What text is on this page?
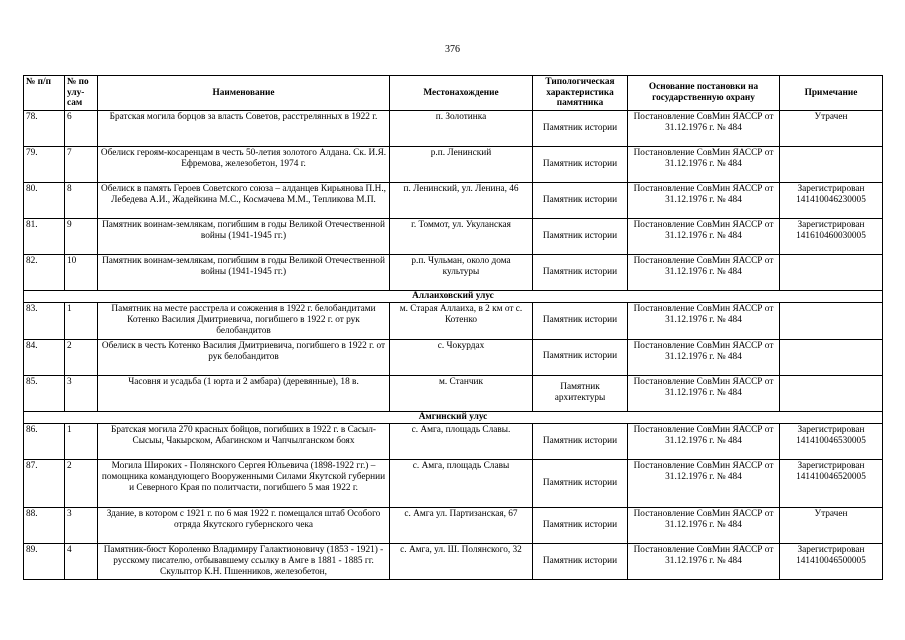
376
№ п/п	№ по улу-сам	Наименование	Местонахождение	Типологическая характеристика памятника	Основание постановки на государственную охрану	Примечание
78.	6	Братская могила борцов за власть Советов, расстрелянных в 1922 г.	п. Золотинка	Памятник истории	Постановление СовМин ЯАССР от 31.12.1976 г. № 484	Утрачен
79.	7	Обелиск героям-косаренцам в честь 50-летия золотого Алдана. Ск. И.Я. Ефремова, железобетон, 1974 г.	р.п. Ленинский	Памятник истории	Постановление СовМин ЯАССР от 31.12.1976 г. № 484	
80.	8	Обелиск в память Героев Советского союза – алданцев Кирьянова П.Н., Лебедева А.И., Жадейкина М.С., Космачева М.М., Тепликова М.П.	п. Ленинский, ул. Ленина, 46	Памятник истории	Постановление СовМин ЯАССР от 31.12.1976 г. № 484	Зарегистрирован 141410046230005
81.	9	Памятник воинам-землякам, погибшим в годы Великой Отечественной войны (1941-1945 гг.)	г. Томмот, ул. Укуланская	Памятник истории	Постановление СовМин ЯАССР от 31.12.1976 г. № 484	Зарегистрирован 141610460030005
82.	10	Памятник воинам-землякам, погибшим в годы Великой Отечественной войны (1941-1945 гг.)	р.п. Чульман, около дома культуры	Памятник истории	Постановление СовМин ЯАССР от 31.12.1976 г. № 484	
Аллаиховский улус						
83.	1	Памятник на месте расстрела и сожжения в 1922 г. белобандитами Котенко Василия Дмитриевича, погибшего в 1922 г. от рук белобандитов	м. Старая Аллаиха, в 2 км от с. Котенко	Памятник истории	Постановление СовМин ЯАССР от 31.12.1976 г. № 484	
84.	2	Обелиск в честь Котенко Василия Дмитриевича, погибшего в 1922 г. от рук белобандитов	с. Чокурдах	Памятник истории	Постановление СовМин ЯАССР от 31.12.1976 г. № 484	
85.	3	Часовня и усадьба (1 юрта и 2 амбара) (деревянные), 18 в.	м. Станчик	Памятник архитектуры	Постановление СовМин ЯАССР от 31.12.1976 г. № 484	
Амгинский улус						
86.	1	Братская могила 270 красных бойцов, погибших в 1922 г. в Сасыл-Сысыы, Чакырском, Абагинском и Чапчылганском боях	с. Амга, площадь Славы.	Памятник истории	Постановление СовМин ЯАССР от 31.12.1976 г. № 484	Зарегистрирован 141410046530005
87.	2	Могила Широких - Полянского Сергея Юльевича (1898-1922 гг.) – помощника командующего Вооруженными Силами Якутской губернии и Северного Края по политчасти, погибшего 5 мая 1922 г.	с. Амга, площадь Славы	Памятник истории	Постановление СовМин ЯАССР от 31.12.1976 г. № 484	Зарегистрирован 141410046520005
88.	3	Здание, в котором с 1921 г. по 6 мая 1922 г. помещался штаб Особого отряда Якутского губернского чека	с. Амга ул. Партизанская, 67	Памятник истории	Постановление СовМин ЯАССР от 31.12.1976 г. № 484	Утрачен
89.	4	Памятник-бюст Короленко Владимиру Галактионовичу (1853 - 1921) - русскому писателю, отбывавшему ссылку в Амге в 1881 - 1885 гг. Скульптор К.Н. Пшенников, железобетон,	с. Амга, ул. Ш. Полянского, 32	Памятник истории	Постановление СовМин ЯАССР от 31.12.1976 г. № 484	Зарегистрирован 141410046500005
